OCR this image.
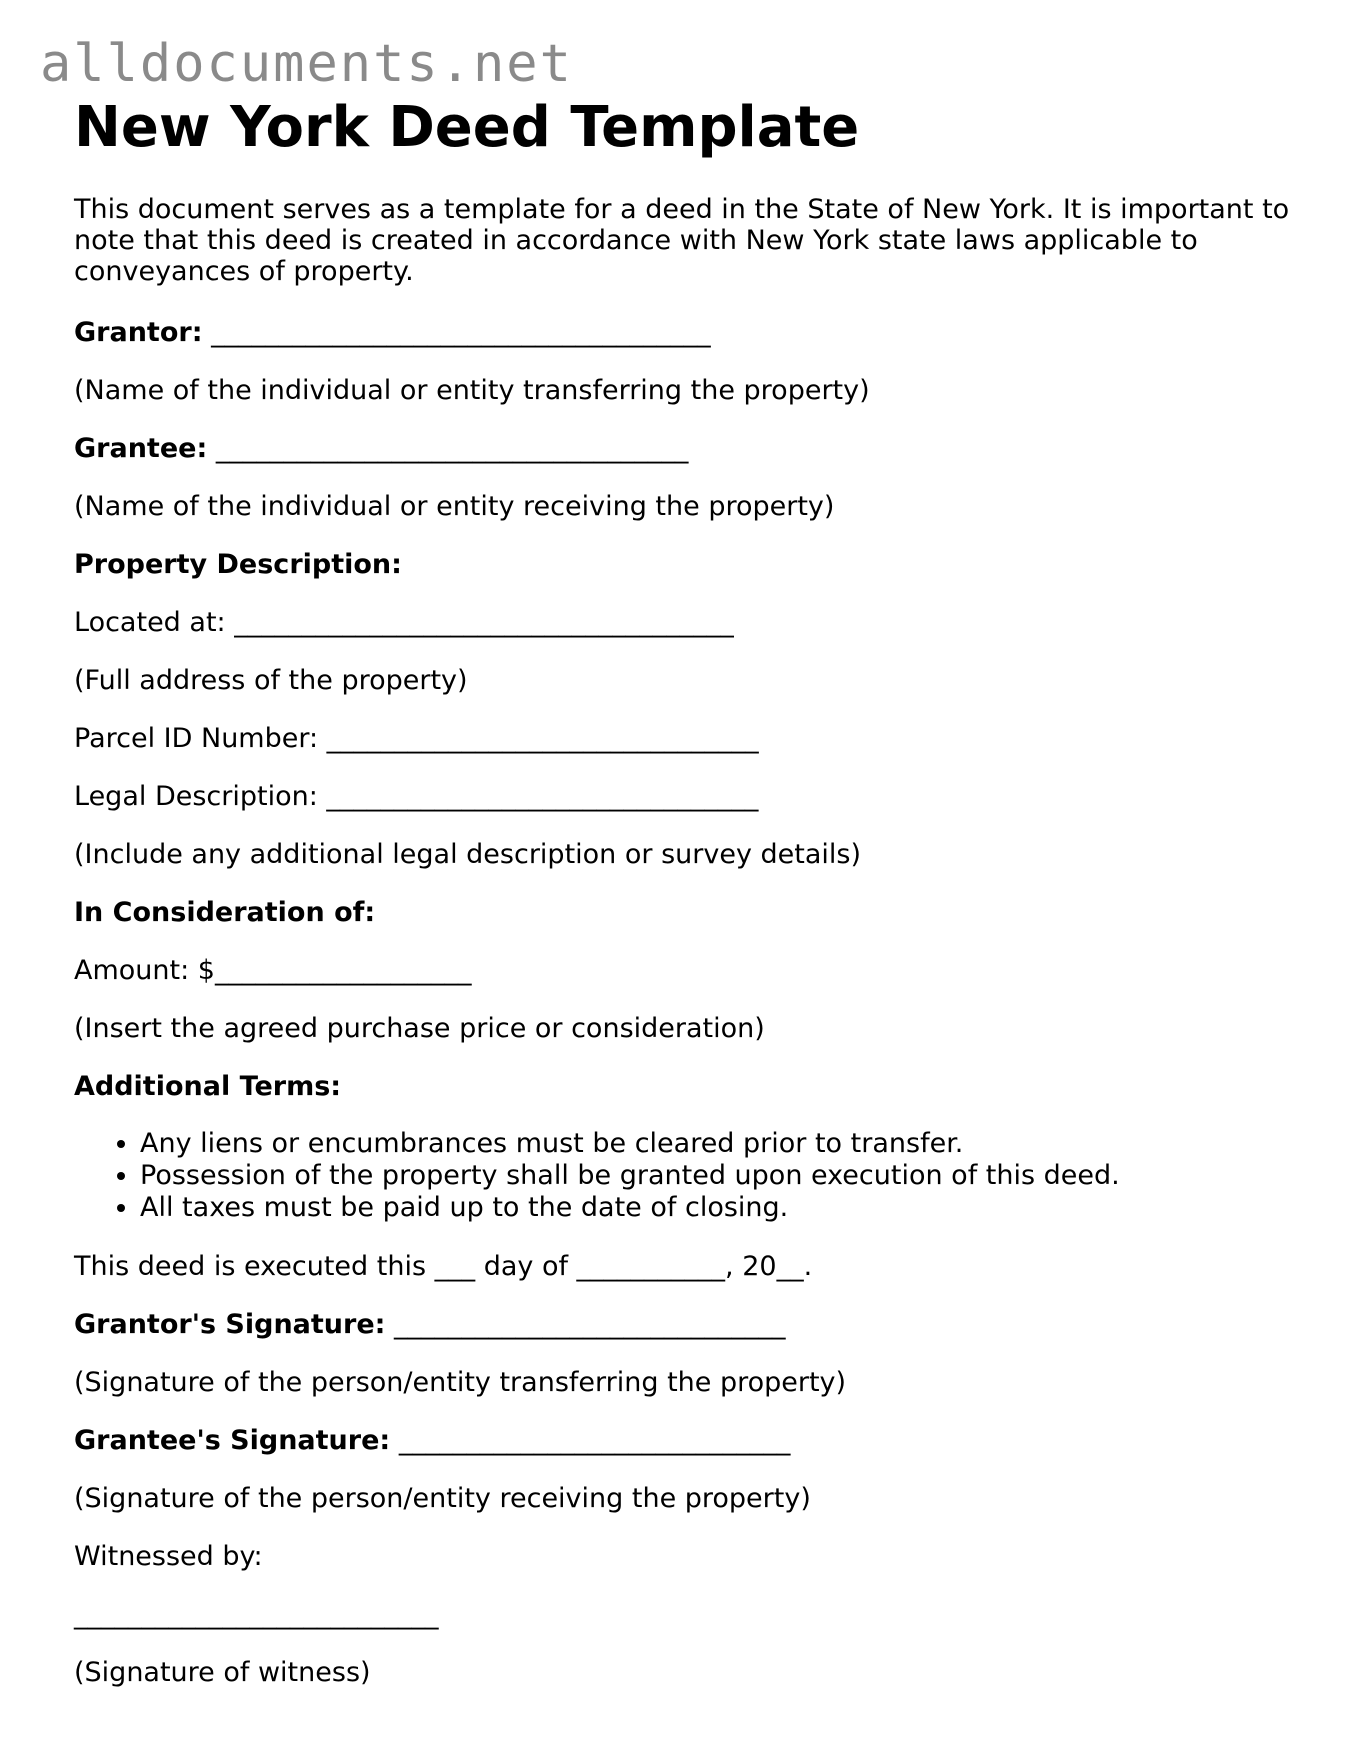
alldocuments.net
New York Deed Template

This document serves as a template for a deed in the State of New York. It is important to note that this deed is created in accordance with New York state laws applicable to conveyances of property.

Grantor: _____________________________________
(Name of the individual or entity transferring the property)
Grantee: ___________________________________
(Name of the individual or entity receiving the property)
Property Description:
Located at: _____________________________________
(Full address of the property)
Parcel ID Number: ________________________________
Legal Description: ________________________________
(Include any additional legal description or survey details)
In Consideration of:
Amount: $___________________
(Insert the agreed purchase price or consideration)
Additional Terms:
• Any liens or encumbrances must be cleared prior to transfer.
• Possession of the property shall be granted upon execution of this deed.
• All taxes must be paid up to the date of closing.
This deed is executed this ___ day of ___________, 20__.
Grantor's Signature: _____________________________
(Signature of the person/entity transferring the property)
Grantee's Signature: _____________________________
(Signature of the person/entity receiving the property)
Witnessed by:
___________________________
(Signature of witness)
